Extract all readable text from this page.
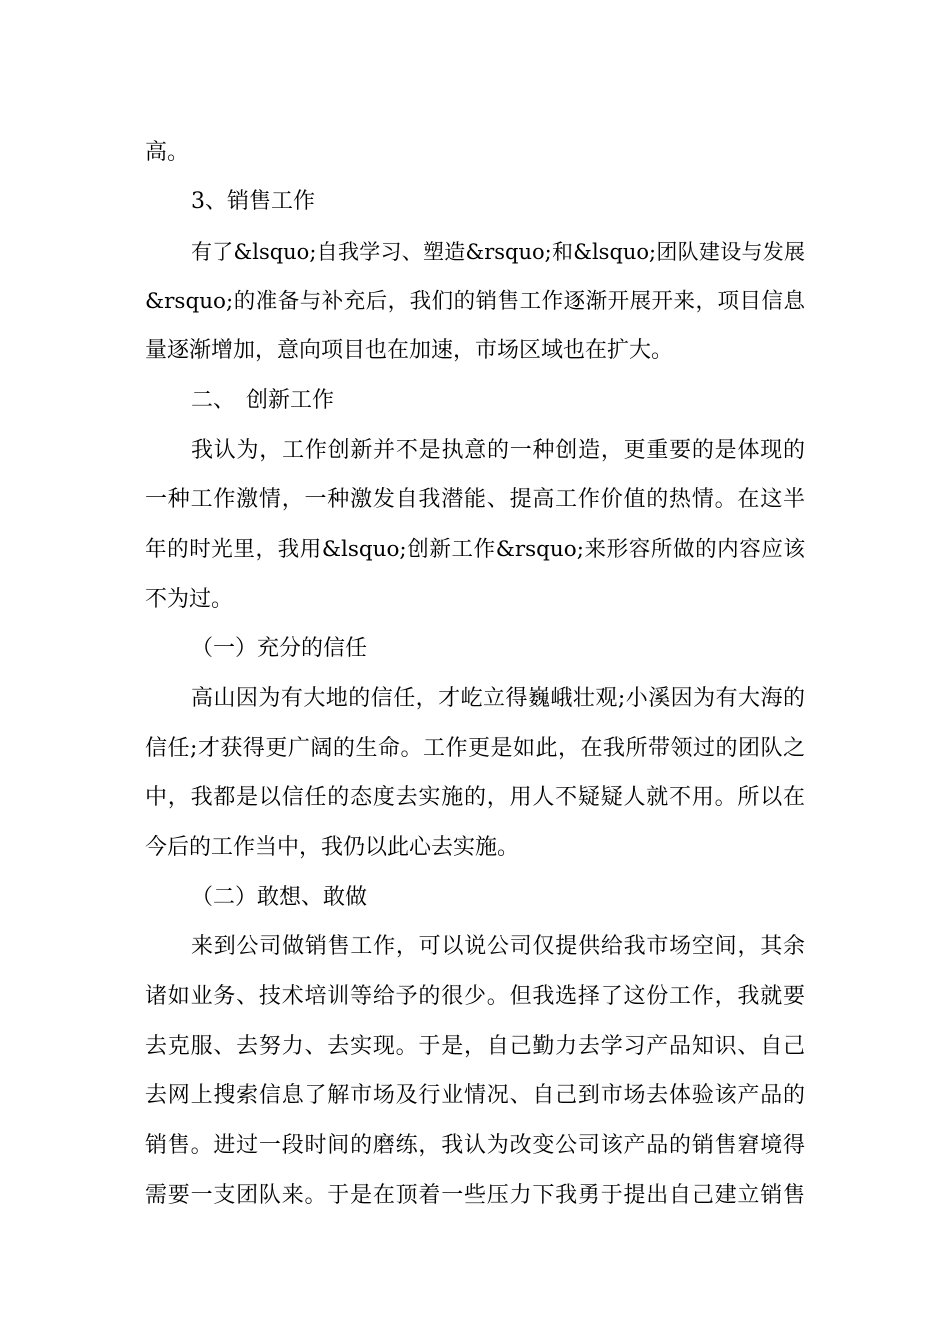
高。
3、销售工作
有了&lsquo;自我学习、塑造&rsquo;和&lsquo;团队建设与发展
&rsquo;的准备与补充后，我们的销售工作逐渐开展开来，项目信息
量逐渐增加，意向项目也在加速，市场区域也在扩大。
二、　创新工作
我认为，工作创新并不是执意的一种创造，更重要的是体现的
一种工作激情，一种激发自我潜能、提高工作价值的热情。在这半
年的时光里，我用&lsquo;创新工作&rsquo;来形容所做的内容应该
不为过。
（一）充分的信任
高山因为有大地的信任，才屹立得巍峨壮观;小溪因为有大海的
信任;才获得更广阔的生命。工作更是如此，在我所带领过的团队之
中，我都是以信任的态度去实施的，用人不疑疑人就不用。所以在
今后的工作当中，我仍以此心去实施。
（二）敢想、敢做
来到公司做销售工作，可以说公司仅提供给我市场空间，其余
诸如业务、技术培训等给予的很少。但我选择了这份工作，我就要
去克服、去努力、去实现。于是，自己勤力去学习产品知识、自己
去网上搜索信息了解市场及行业情况、自己到市场去体验该产品的
销售。进过一段时间的磨练，我认为改变公司该产品的销售窘境得
需要一支团队来。于是在顶着一些压力下我勇于提出自己建立销售
